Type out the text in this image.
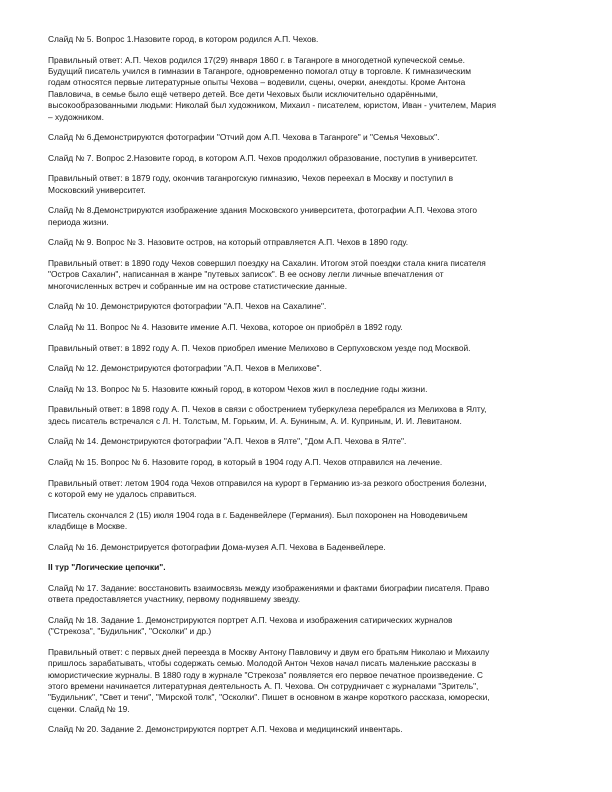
Слайд № 5. Вопрос 1.Назовите город, в котором родился А.П. Чехов.

Правильный ответ: А.П. Чехов родился 17(29) января 1860 г. в Таганроге в многодетной купеческой семье.
Будущий писатель учился в гимназии в Таганроге, одновременно помогал отцу в торговле. К гимназическим
годам относятся первые литературные опыты Чехова – водевили, сцены, очерки, анекдоты. Кроме Антона
Павловича, в семье было ещё четверо детей. Все дети Чеховых были исключительно одарёнными,
высокообразованными людьми: Николай был художником, Михаил - писателем, юристом, Иван - учителем, Мария
– художником.

Слайд № 6.Демонстрируются фотографии "Отчий дом А.П. Чехова в Таганроге" и "Семья Чеховых".

Слайд № 7. Вопрос 2.Назовите город, в котором А.П. Чехов продолжил образование, поступив в университет.

Правильный ответ: в 1879 году, окончив таганрогскую гимназию, Чехов переехал в Москву и поступил в
Московский университет.

Слайд № 8.Демонстрируются изображение здания Московского университета, фотографии А.П. Чехова этого
периода жизни.

Слайд № 9. Вопрос № 3. Назовите остров, на который отправляется А.П. Чехов в 1890 году.

Правильный ответ: в 1890 году Чехов совершил поездку на Сахалин. Итогом этой поездки стала книга писателя
"Остров Сахалин", написанная в жанре "путевых записок". В ее основу легли личные впечатления от
многочисленных встреч и собранные им на острове статистические данные.

Слайд № 10. Демонстрируются фотографии "А.П. Чехов на Сахалине".

Слайд № 11. Вопрос № 4. Назовите имение А.П. Чехова, которое он приобрёл в 1892 году.

Правильный ответ: в 1892 году А. П. Чехов приобрел имение Мелихово в Серпуховском уезде под Москвой.

Слайд № 12. Демонстрируются фотографии "А.П. Чехов в Мелихове".

Слайд № 13. Вопрос № 5. Назовите южный город, в котором Чехов жил в последние годы жизни.

Правильный ответ: в 1898 году А. П. Чехов в связи с обострением туберкулеза перебрался из Мелихова в Ялту,
здесь писатель встречался с Л. Н. Толстым, М. Горьким, И. А. Буниным, А. И. Куприным, И. И. Левитаном.

Слайд № 14. Демонстрируются фотографии "А.П. Чехов в Ялте", "Дом А.П. Чехова в Ялте".

Слайд № 15. Вопрос № 6. Назовите город, в который в 1904 году А.П. Чехов отправился на лечение.

Правильный ответ: летом 1904 года Чехов отправился на курорт в Германию из-за резкого обострения болезни,
с которой ему не удалось справиться.

Писатель скончался 2 (15) июля 1904 года в г. Баденвейлере (Германия). Был похоронен на Новодевичьем
кладбище в Москве.

Слайд № 16. Демонстрируется фотографии Дома-музея А.П. Чехова в Баденвейлере.

II тур "Логические цепочки".

Слайд № 17. Задание: восстановить взаимосвязь между изображениями и фактами биографии писателя. Право
ответа предоставляется участнику, первому поднявшему звезду.

Слайд № 18. Задание 1. Демонстрируются портрет А.П. Чехова и изображения сатирических журналов
("Стрекоза", "Будильник", "Осколки" и др.)

Правильный ответ: с первых дней переезда в Москву Антону Павловичу и двум его братьям Николаю и Михаилу
пришлось зарабатывать, чтобы содержать семью. Молодой Антон Чехов начал писать маленькие рассказы в
юмористические журналы. В 1880 году в журнале "Стрекоза" появляется его первое печатное произведение. С
этого времени начинается литературная деятельность А. П. Чехова. Он сотрудничает с журналами "Зритель",
"Будильник", "Свет и тени", "Мирской толк", "Осколки". Пишет в основном в жанре короткого рассказа, юморески,
сценки. Слайд № 19.

Слайд № 20. Задание 2. Демонстрируются портрет А.П. Чехова и медицинский инвентарь.
